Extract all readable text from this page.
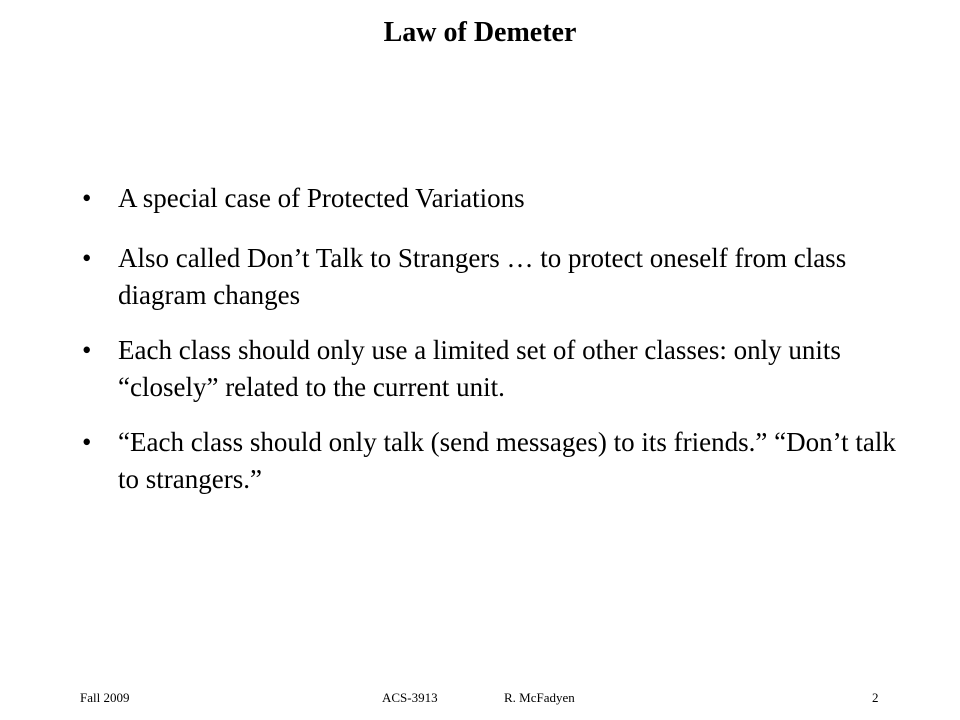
Law of Demeter
• A special case of Protected Variations
• Also called Don’t Talk to Strangers … to protect oneself from class diagram changes
• Each class should only use a limited set of other classes: only units “closely” related to the current unit.
• “Each class should only talk (send messages) to its friends.” “Don’t talk to strangers.”
Fall 2009	ACS-3913	R. McFadyen	2
